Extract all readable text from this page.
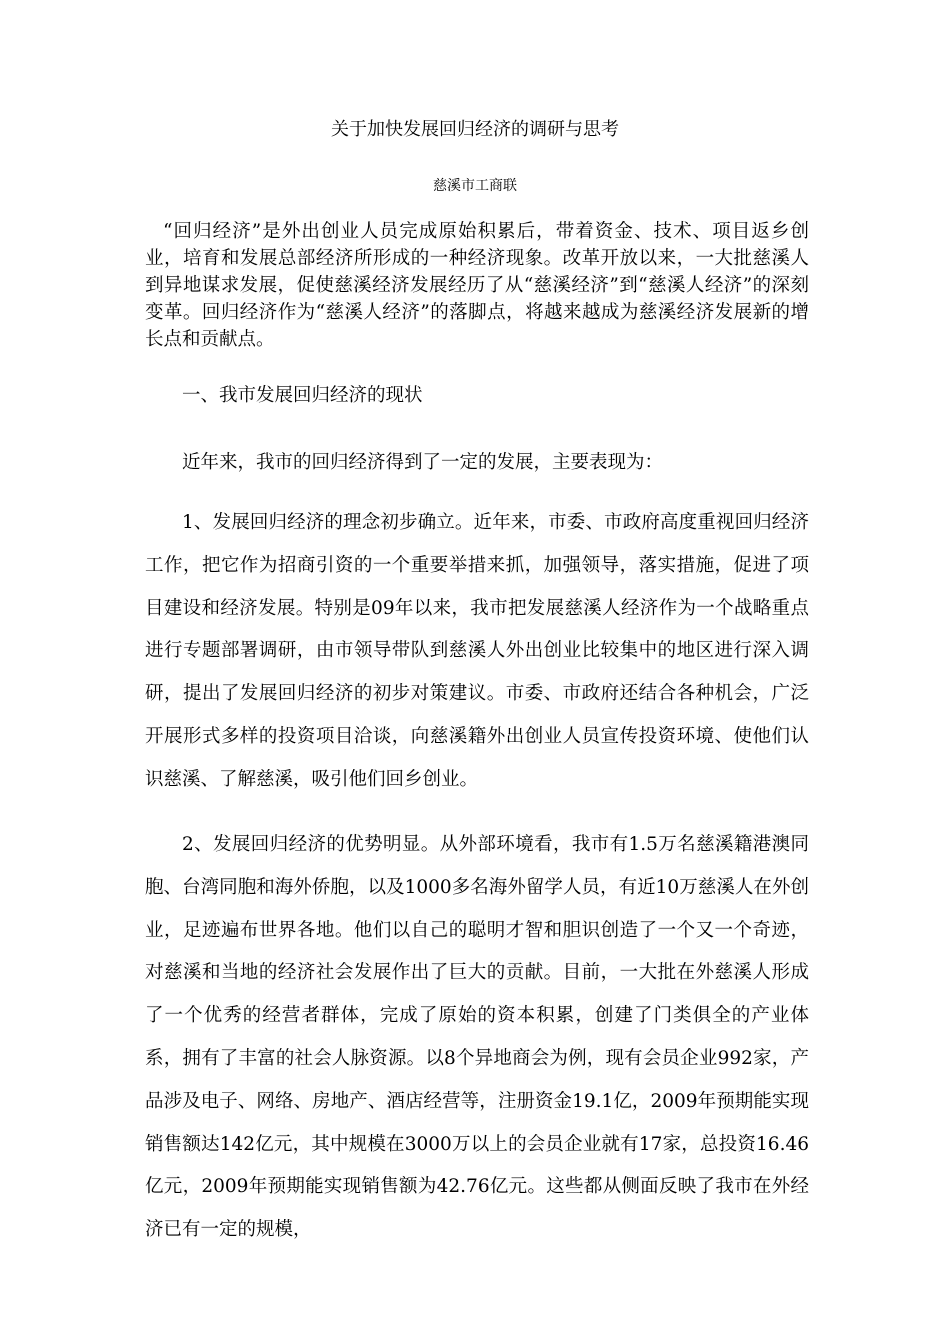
关于加快发展回归经济的调研与思考

慈溪市工商联

“回归经济”是外出创业人员完成原始积累后，带着资金、技术、项目返乡创业，培育和发展总部经济所形成的一种经济现象。改革开放以来，一大批慈溪人到异地谋求发展，促使慈溪经济发展经历了从“慈溪经济”到“慈溪人经济”的深刻变革。回归经济作为“慈溪人经济”的落脚点，将越来越成为慈溪经济发展新的增长点和贡献点。

一、我市发展回归经济的现状

近年来，我市的回归经济得到了一定的发展，主要表现为：

1、发展回归经济的理念初步确立。近年来，市委、市政府高度重视回归经济工作，把它作为招商引资的一个重要举措来抓，加强领导，落实措施，促进了项目建设和经济发展。特别是09年以来，我市把发展慈溪人经济作为一个战略重点进行专题部署调研，由市领导带队到慈溪人外出创业比较集中的地区进行深入调研，提出了发展回归经济的初步对策建议。市委、市政府还结合各种机会，广泛开展形式多样的投资项目洽谈，向慈溪籍外出创业人员宣传投资环境、使他们认识慈溪、了解慈溪，吸引他们回乡创业。

2、发展回归经济的优势明显。从外部环境看，我市有1.5万名慈溪籍港澳同胞、台湾同胞和海外侨胞，以及1000多名海外留学人员，有近10万慈溪人在外创业，足迹遍布世界各地。他们以自己的聪明才智和胆识创造了一个又一个奇迹，对慈溪和当地的经济社会发展作出了巨大的贡献。目前，一大批在外慈溪人形成了一个优秀的经营者群体，完成了原始的资本积累，创建了门类俱全的产业体系，拥有了丰富的社会人脉资源。以8个异地商会为例，现有会员企业992家，产品涉及电子、网络、房地产、酒店经营等，注册资金19.1亿，2009年预期能实现销售额达142亿元，其中规模在3000万以上的会员企业就有17家，总投资16.46亿元，2009年预期能实现销售额为42.76亿元。这些都从侧面反映了我市在外经济已有一定的规模，
